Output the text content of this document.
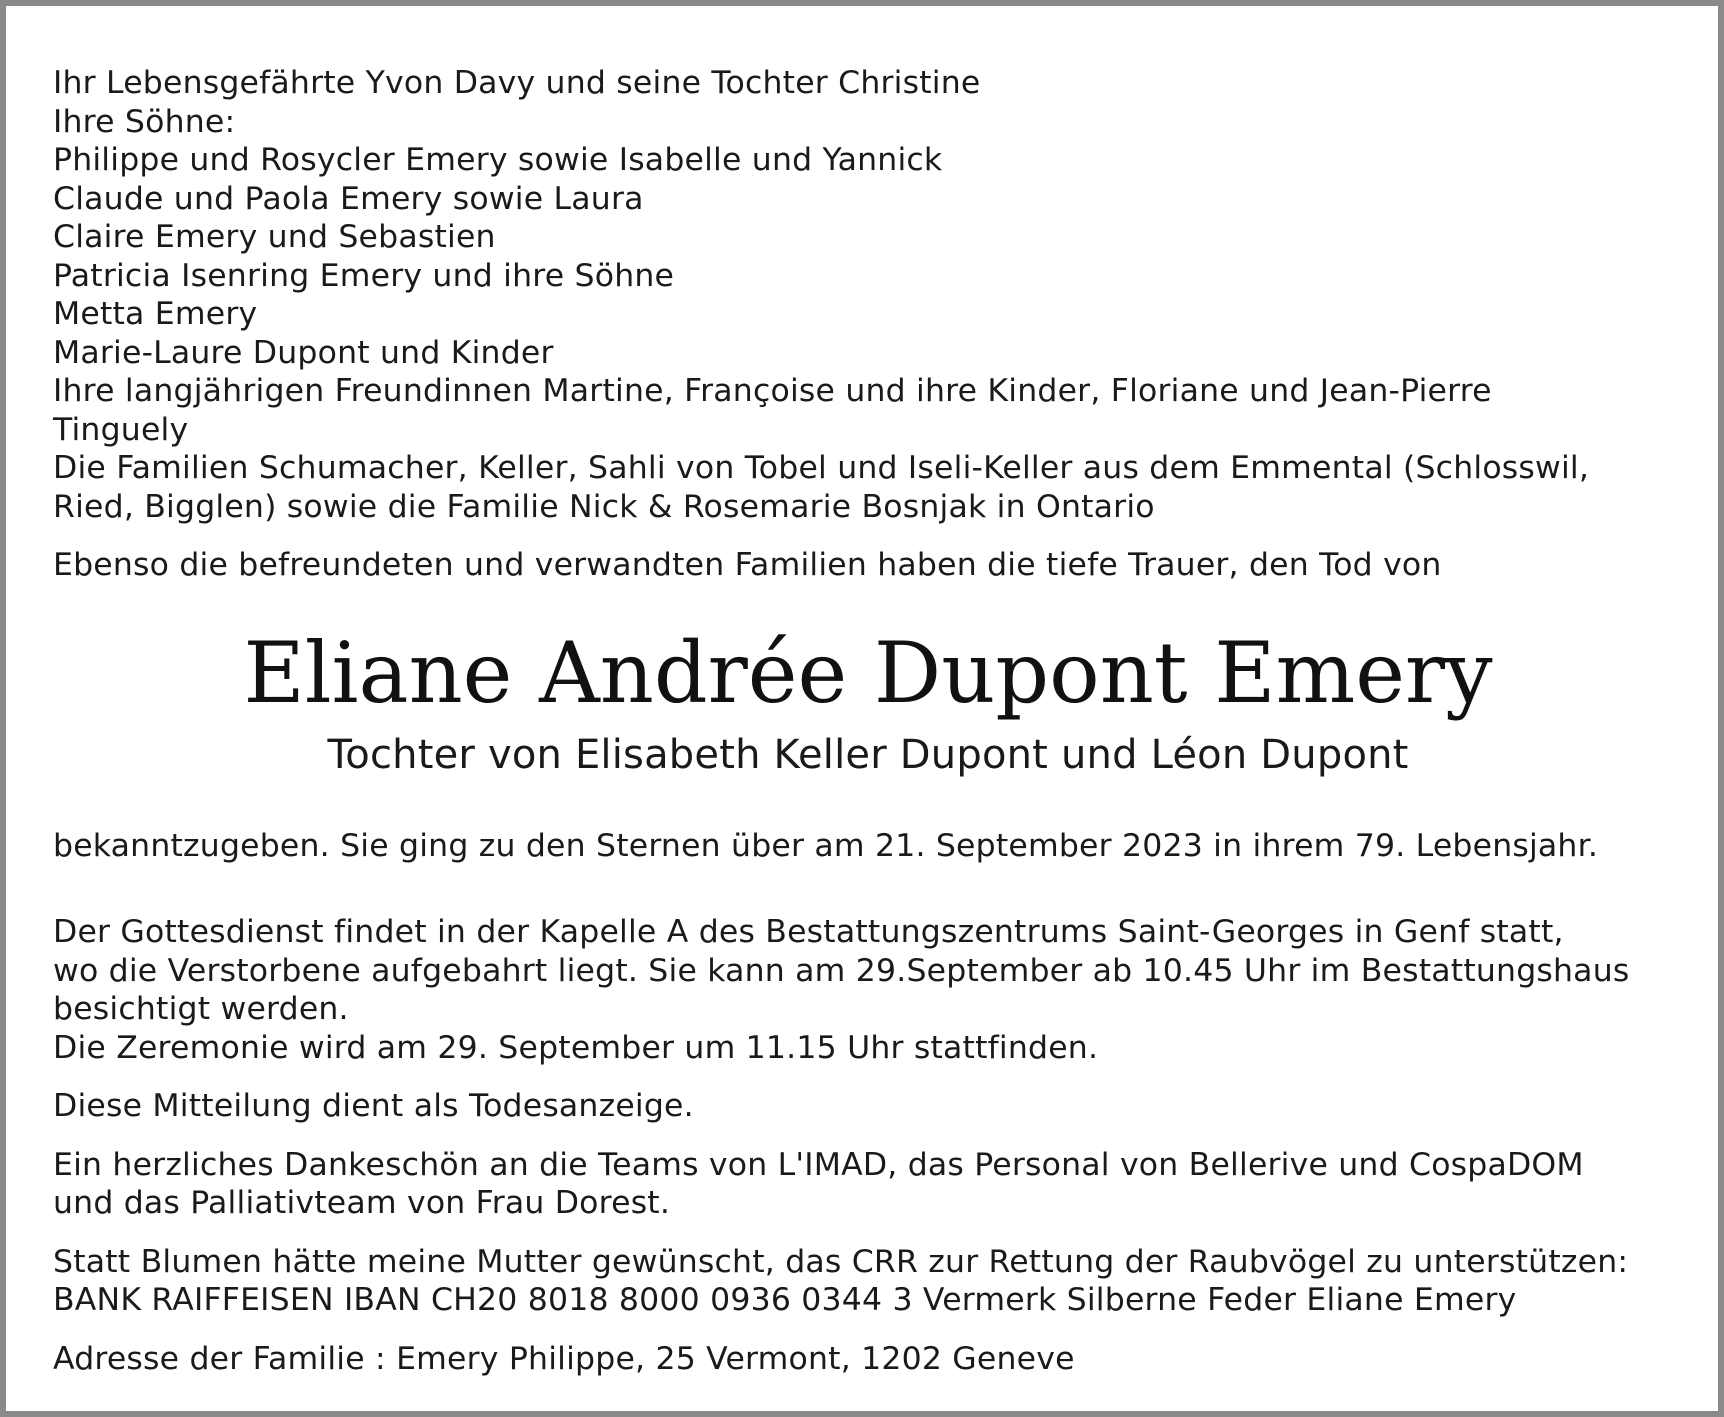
Ihr Lebensgefährte Yvon Davy und seine Tochter Christine
Ihre Söhne:
Philippe und Rosycler Emery sowie Isabelle und Yannick
Claude und Paola Emery sowie Laura
Claire Emery und Sebastien
Patricia Isenring Emery und ihre Söhne
Metta Emery
Marie-Laure Dupont und Kinder
Ihre langjährigen Freundinnen Martine, Françoise und ihre Kinder, Floriane und Jean-Pierre
Tinguely
Die Familien Schumacher, Keller, Sahli von Tobel und Iseli-Keller aus dem Emmental (Schlosswil,
Ried, Bigglen) sowie die Familie Nick & Rosemarie Bosnjak in Ontario
Ebenso die befreundeten und verwandten Familien haben die tiefe Trauer, den Tod von
Eliane Andrée Dupont Emery
Tochter von Elisabeth Keller Dupont und Léon Dupont
bekanntzugeben. Sie ging zu den Sternen über am 21. September 2023 in ihrem 79. Lebensjahr.
Der Gottesdienst findet in der Kapelle A des Bestattungszentrums Saint-Georges in Genf statt,
wo die Verstorbene aufgebahrt liegt. Sie kann am 29.September ab 10.45 Uhr im Bestattungshaus
besichtigt werden.
Die Zeremonie wird am 29. September um 11.15 Uhr stattfinden.
Diese Mitteilung dient als Todesanzeige.
Ein herzliches Dankeschön an die Teams von L'IMAD, das Personal von Bellerive und CospaDOM
und das Palliativteam von Frau Dorest.
Statt Blumen hätte meine Mutter gewünscht, das CRR zur Rettung der Raubvögel zu unterstützen:
BANK RAIFFEISEN IBAN CH20 8018 8000 0936 0344 3 Vermerk Silberne Feder Eliane Emery
Adresse der Familie : Emery Philippe, 25 Vermont, 1202 Geneve
